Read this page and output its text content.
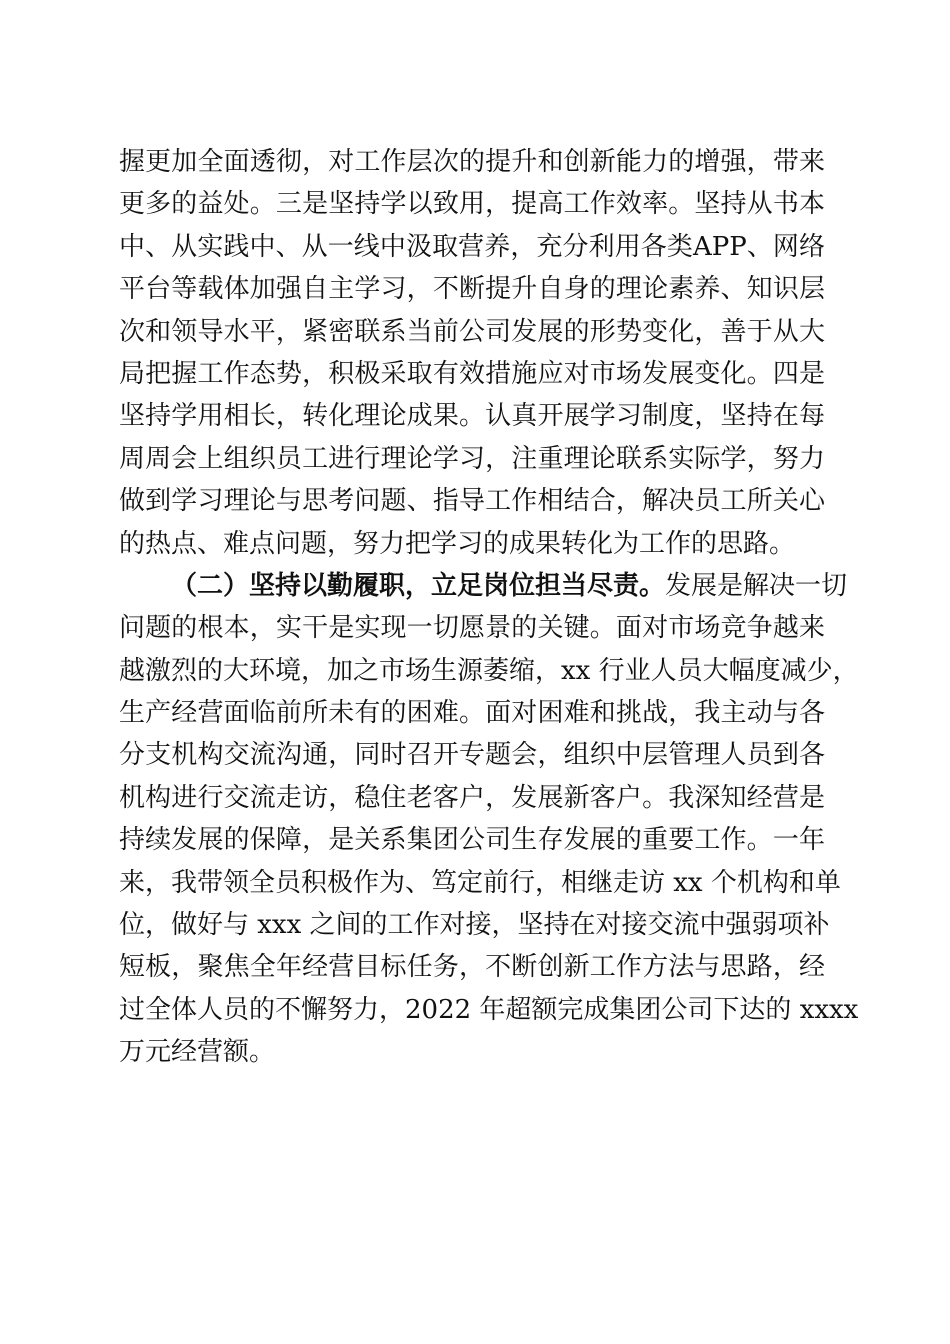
握更加全面透彻，对工作层次的提升和创新能力的增强，带来
更多的益处。三是坚持学以致用，提高工作效率。坚持从书本
中、从实践中、从一线中汲取营养，充分利用各类APP、网络
平台等载体加强自主学习，不断提升自身的理论素养、知识层
次和领导水平，紧密联系当前公司发展的形势变化，善于从大
局把握工作态势，积极采取有效措施应对市场发展变化。四是
坚持学用相长，转化理论成果。认真开展学习制度，坚持在每
周周会上组织员工进行理论学习，注重理论联系实际学，努力
做到学习理论与思考问题、指导工作相结合，解决员工所关心
的热点、难点问题，努力把学习的成果转化为工作的思路。
（二）坚持以勤履职，立足岗位担当尽责。发展是解决一切
问题的根本，实干是实现一切愿景的关键。面对市场竞争越来
越激烈的大环境，加之市场生源萎缩，xx 行业人员大幅度减少，
生产经营面临前所未有的困难。面对困难和挑战，我主动与各
分支机构交流沟通，同时召开专题会，组织中层管理人员到各
机构进行交流走访，稳住老客户，发展新客户。我深知经营是
持续发展的保障，是关系集团公司生存发展的重要工作。一年
来，我带领全员积极作为、笃定前行，相继走访 xx 个机构和单
位，做好与 xxx 之间的工作对接，坚持在对接交流中强弱项补
短板，聚焦全年经营目标任务，不断创新工作方法与思路，经
过全体人员的不懈努力，2022 年超额完成集团公司下达的 xxxx
万元经营额。
